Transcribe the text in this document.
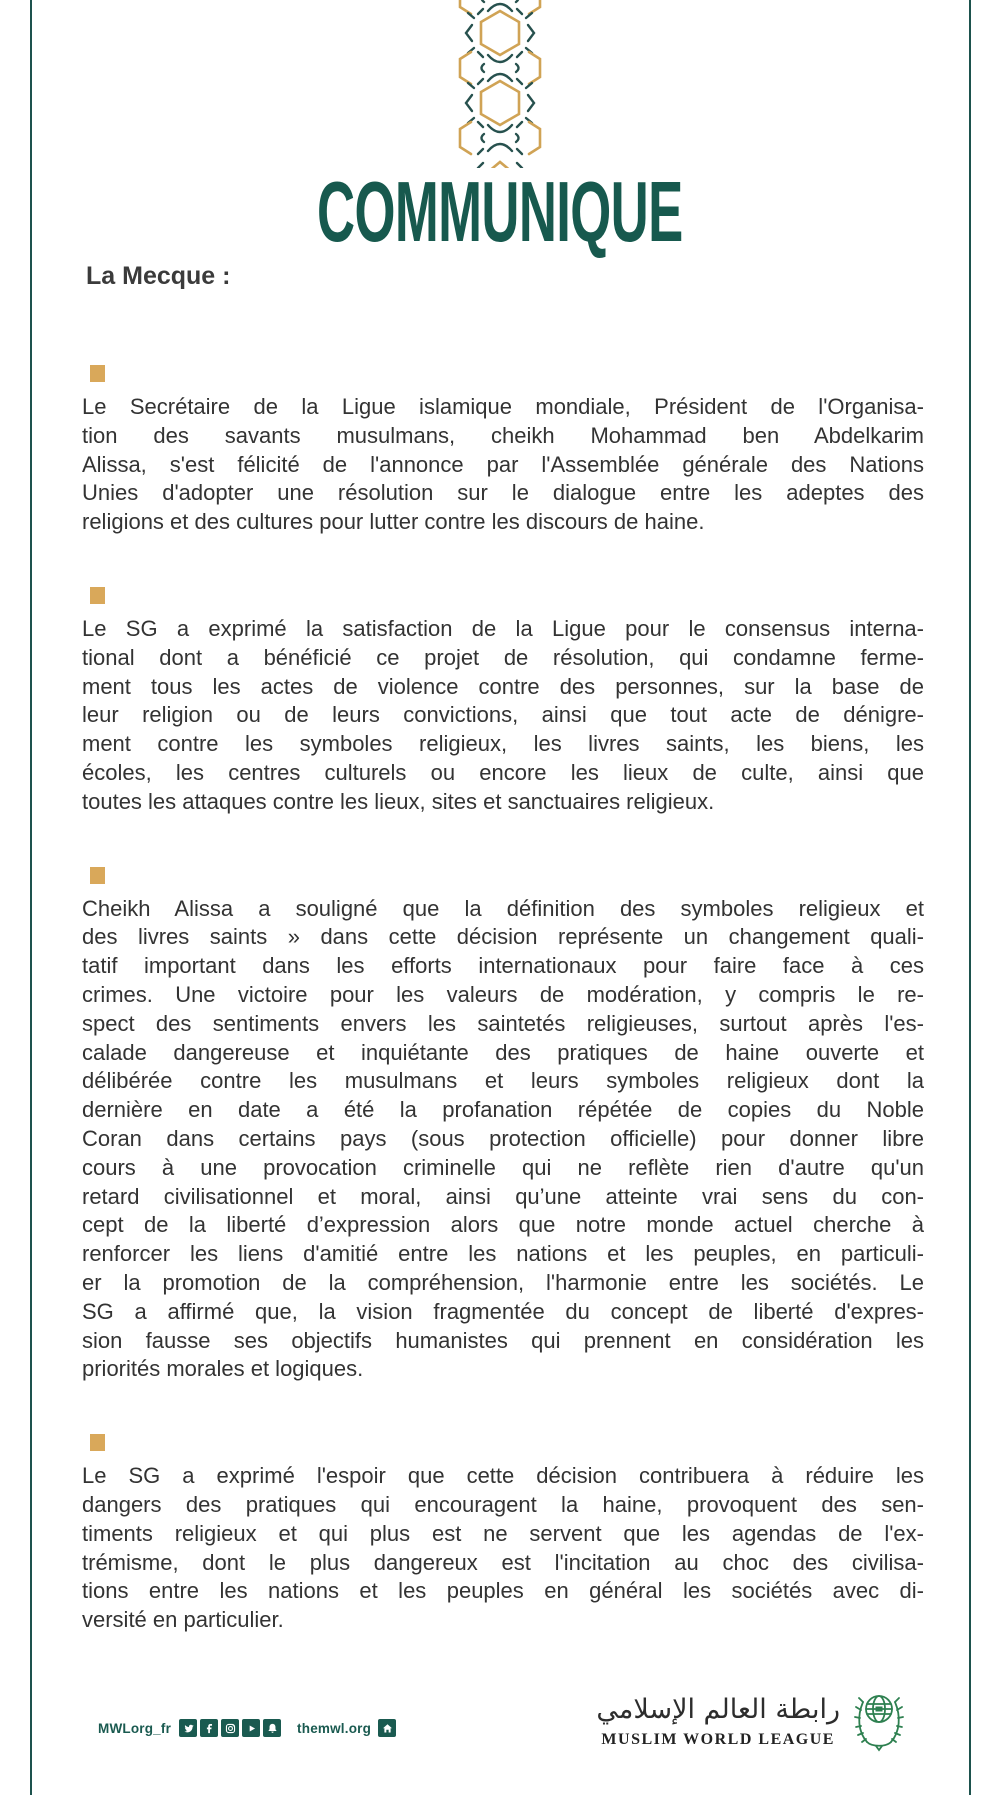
COMMUNIQUE
La Mecque :
Le Secrétaire de la Ligue islamique mondiale, Président de l'Organisa-
tion des savants musulmans, cheikh Mohammad ben Abdelkarim
Alissa, s'est félicité de l'annonce par l'Assemblée générale des Nations
Unies d'adopter une résolution sur le dialogue entre les adeptes des
religions et des cultures pour lutter contre les discours de haine.
Le SG a exprimé la satisfaction de la Ligue pour le consensus interna-
tional dont a bénéficié ce projet de résolution, qui condamne ferme-
ment tous les actes de violence contre des personnes, sur la base de
leur religion ou de leurs convictions, ainsi que tout acte de dénigre-
ment contre les symboles religieux, les livres saints, les biens, les
écoles, les centres culturels ou encore les lieux de culte, ainsi que
toutes les attaques contre les lieux, sites et sanctuaires religieux.
Cheikh Alissa a souligné que la définition des symboles religieux et
des livres saints » dans cette décision représente un changement quali-
tatif important dans les efforts internationaux pour faire face à ces
crimes. Une victoire pour les valeurs de modération, y compris le re-
spect des sentiments envers les saintetés religieuses, surtout après l'es-
calade dangereuse et inquiétante des pratiques de haine ouverte et
délibérée contre les musulmans et leurs symboles religieux dont la
dernière en date a été la profanation répétée de copies du Noble
Coran dans certains pays (sous protection officielle) pour donner libre
cours à une provocation criminelle qui ne reflète rien d'autre qu'un
retard civilisationnel et moral, ainsi qu’une atteinte vrai sens du con-
cept de la liberté d’expression alors que notre monde actuel cherche à
renforcer les liens d'amitié entre les nations et les peuples, en particuli-
er la promotion de la compréhension, l'harmonie entre les sociétés. Le
SG a affirmé que, la vision fragmentée du concept de liberté d'expres-
sion fausse ses objectifs humanistes qui prennent en considération les
priorités morales et logiques.
Le SG a exprimé l'espoir que cette décision contribuera à réduire les
dangers des pratiques qui encouragent la haine, provoquent des sen-
timents religieux et qui plus est ne servent que les agendas de l'ex-
trémisme, dont le plus dangereux est l'incitation au choc des civilisa-
tions entre les nations et les peuples en général les sociétés avec di-
versité en particulier.
MWLorg_fr	themwl.org
رابطة العالم الإسلامي
MUSLIM WORLD LEAGUE
